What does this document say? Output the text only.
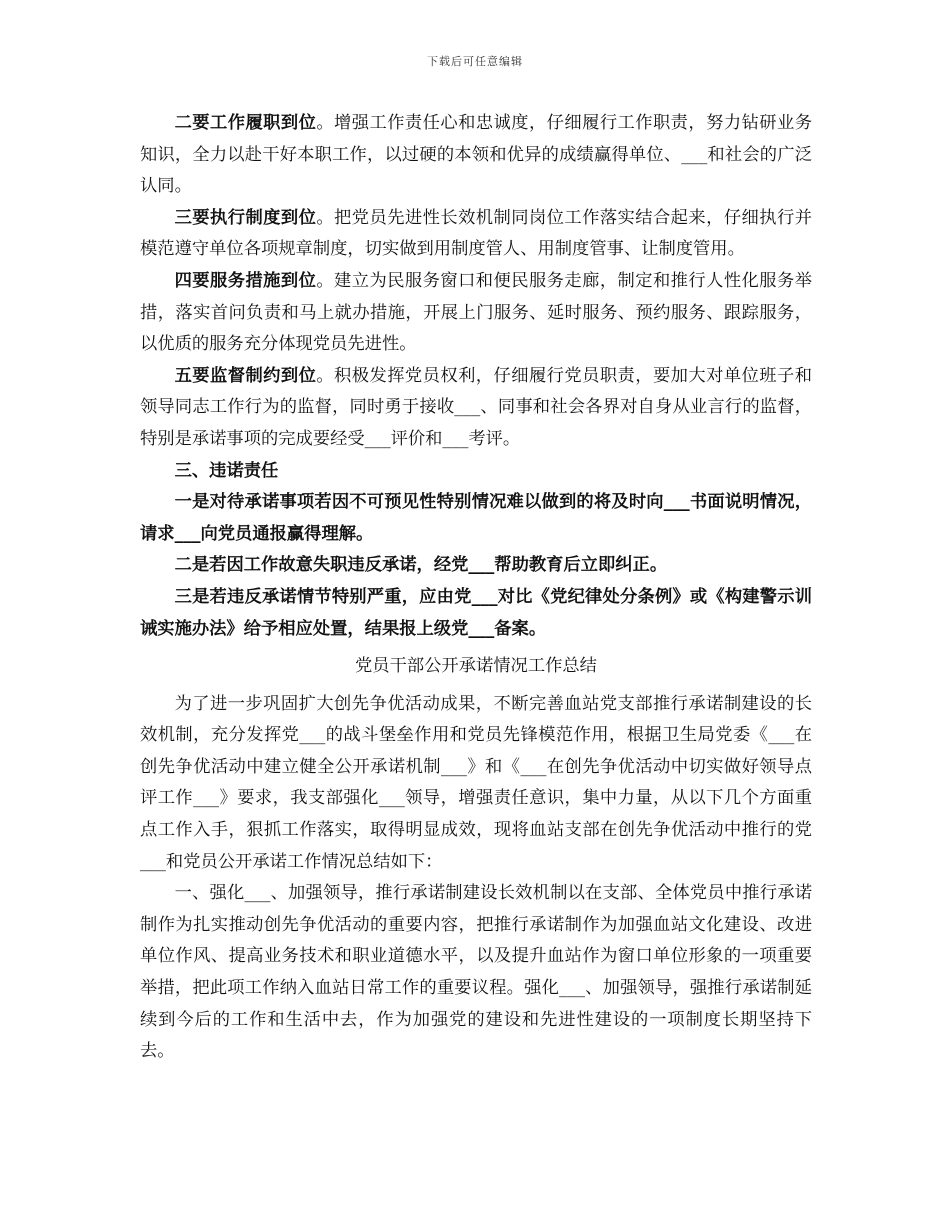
下载后可任意编辑

二要工作履职到位。增强工作责任心和忠诚度，仔细履行工作职责，努力钻研业务知识，全力以赴干好本职工作，以过硬的本领和优异的成绩赢得单位、___和社会的广泛认同。

三要执行制度到位。把党员先进性长效机制同岗位工作落实结合起来，仔细执行并模范遵守单位各项规章制度，切实做到用制度管人、用制度管事、让制度管用。

四要服务措施到位。建立为民服务窗口和便民服务走廊，制定和推行人性化服务举措，落实首问负责和马上就办措施，开展上门服务、延时服务、预约服务、跟踪服务，以优质的服务充分体现党员先进性。

五要监督制约到位。积极发挥党员权利，仔细履行党员职责，要加大对单位班子和领导同志工作行为的监督，同时勇于接收___、同事和社会各界对自身从业言行的监督，特别是承诺事项的完成要经受___评价和___考评。

三、违诺责任

一是对待承诺事项若因不可预见性特别情况难以做到的将及时向___书面说明情况，请求___向党员通报赢得理解。

二是若因工作故意失职违反承诺，经党___帮助教育后立即纠正。

三是若违反承诺情节特别严重，应由党___对比《党纪律处分条例》或《构建警示训诫实施办法》给予相应处置，结果报上级党___备案。

党员干部公开承诺情况工作总结

为了进一步巩固扩大创先争优活动成果，不断完善血站党支部推行承诺制建设的长效机制，充分发挥党___的战斗堡垒作用和党员先锋模范作用，根据卫生局党委《___在创先争优活动中建立健全公开承诺机制___》和《___在创先争优活动中切实做好领导点评工作___》要求，我支部强化___领导，增强责任意识，集中力量，从以下几个方面重点工作入手，狠抓工作落实，取得明显成效，现将血站支部在创先争优活动中推行的党___和党员公开承诺工作情况总结如下：

一、强化___、加强领导，推行承诺制建设长效机制以在支部、全体党员中推行承诺制作为扎实推动创先争优活动的重要内容，把推行承诺制作为加强血站文化建设、改进单位作风、提高业务技术和职业道德水平，以及提升血站作为窗口单位形象的一项重要举措，把此项工作纳入血站日常工作的重要议程。强化___、加强领导，强推行承诺制延续到今后的工作和生活中去，作为加强党的建设和先进性建设的一项制度长期坚持下去。
